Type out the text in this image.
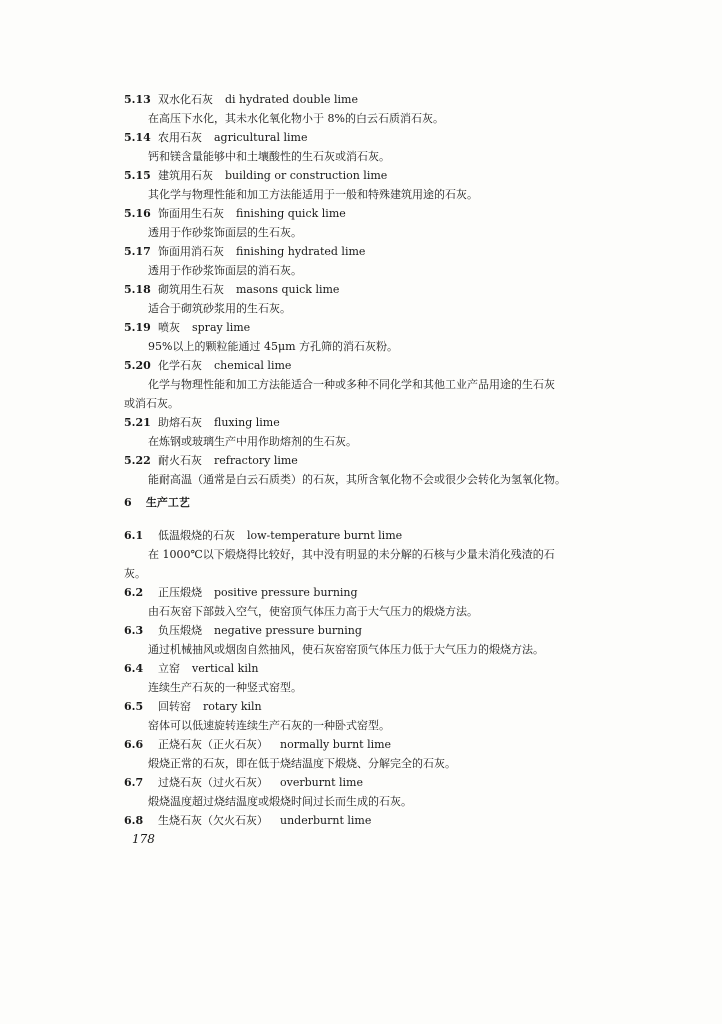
5.13 双水化石灰 di hydrated double lime
在高压下水化，其未水化氧化物小于 8%的白云石质消石灰。
5.14 农用石灰 agricultural lime
钙和镁含量能够中和土壤酸性的生石灰或消石灰。
5.15 建筑用石灰 building or construction lime
其化学与物理性能和加工方法能适用于一般和特殊建筑用途的石灰。
5.16 饰面用生石灰 finishing quick lime
透用于作砂浆饰面层的生石灰。
5.17 饰面用消石灰 finishing hydrated lime
透用于作砂浆饰面层的消石灰。
5.18 砌筑用生石灰 masons quick lime
适合于砌筑砂浆用的生石灰。
5.19 喷灰 spray lime
95%以上的颗粒能通过 45μm 方孔筛的消石灰粉。
5.20 化学石灰 chemical lime
化学与物理性能和加工方法能适合一种或多种不同化学和其他工业产品用途的生石灰
或消石灰。
5.21 助熔石灰 fluxing lime
在炼钢或玻璃生产中用作助熔剂的生石灰。
5.22 耐火石灰 refractory lime
能耐高温（通常是白云石质类）的石灰，其所含氧化物不会或很少会转化为氢氧化物。
6 生产工艺
6.1 低温煅烧的石灰 low-temperature burnt lime
在 1000℃以下煅烧得比较好，其中没有明显的未分解的石核与少量未消化残渣的石
灰。
6.2 正压煅烧 positive pressure burning
由石灰窑下部鼓入空气，使窑顶气体压力高于大气压力的煅烧方法。
6.3 负压煅烧 negative pressure burning
通过机械抽风或烟囱自然抽风，使石灰窑窑顶气体压力低于大气压力的煅烧方法。
6.4 立窑 vertical kiln
连续生产石灰的一种竖式窑型。
6.5 回转窑 rotary kiln
窑体可以低速旋转连续生产石灰的一种卧式窑型。
6.6 正烧石灰（正火石灰） normally burnt lime
煅烧正常的石灰，即在低于烧结温度下煅烧、分解完全的石灰。
6.7 过烧石灰（过火石灰） overburnt lime
煅烧温度超过烧结温度或煅烧时间过长而生成的石灰。
6.8 生烧石灰（欠火石灰） underburnt lime
178
